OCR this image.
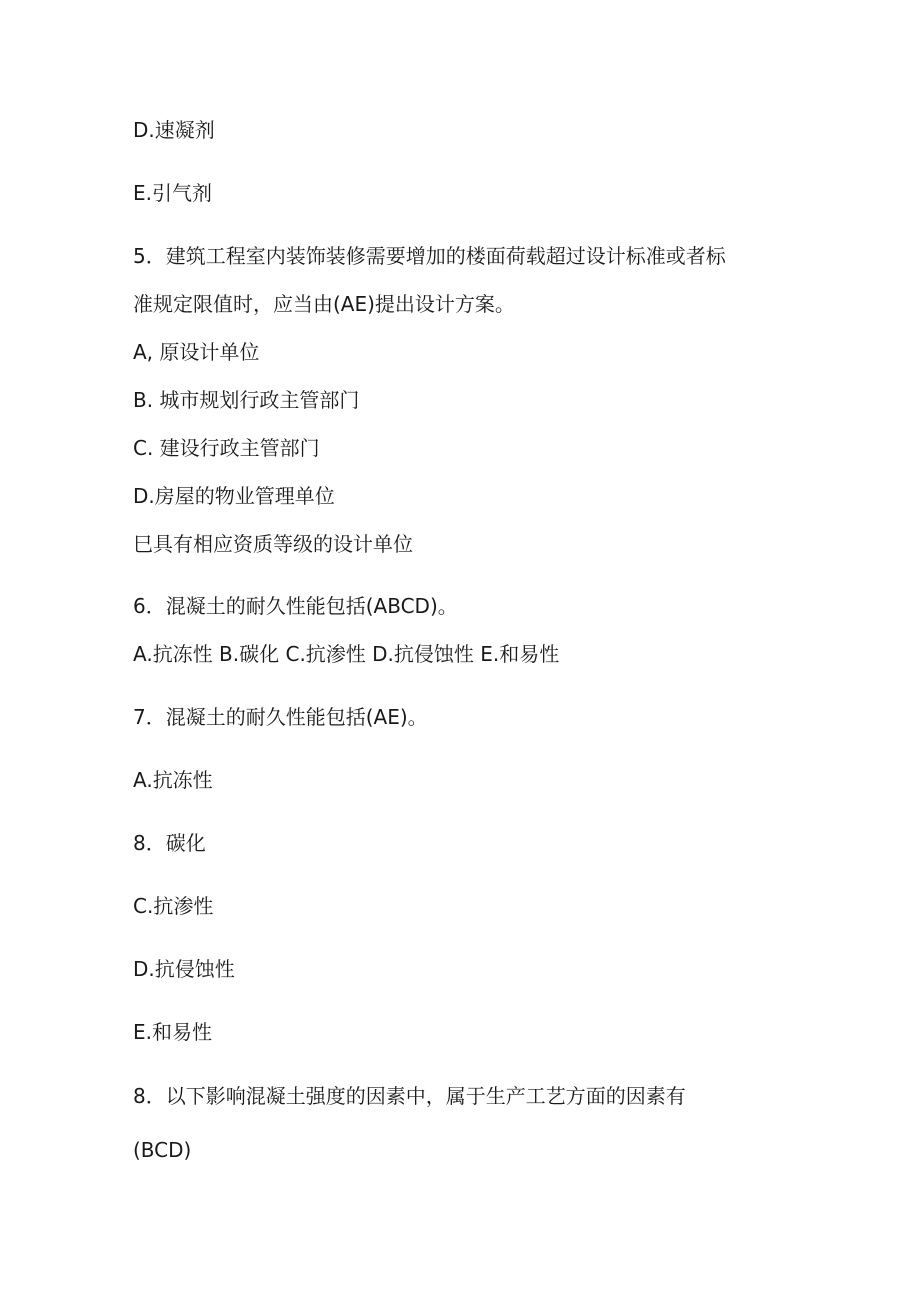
D.速凝剂

E.引气剂

5．建筑工程室内装饰装修需要增加的楼面荷载超过设计标准或者标

准规定限值时，应当由(AE)提出设计方案。

A, 原设计单位

B. 城市规划行政主管部门

C. 建设行政主管部门

D.房屋的物业管理单位

巳具有相应资质等级的设计单位

6．混凝土的耐久性能包括(ABCD)。

A.抗冻性 B.碳化 C.抗渗性 D.抗侵蚀性 E.和易性

7．混凝土的耐久性能包括(AE)。

A.抗冻性

8．碳化

C.抗渗性

D.抗侵蚀性

E.和易性

8．以下影响混凝土强度的因素中，属于生产工艺方面的因素有

(BCD)
